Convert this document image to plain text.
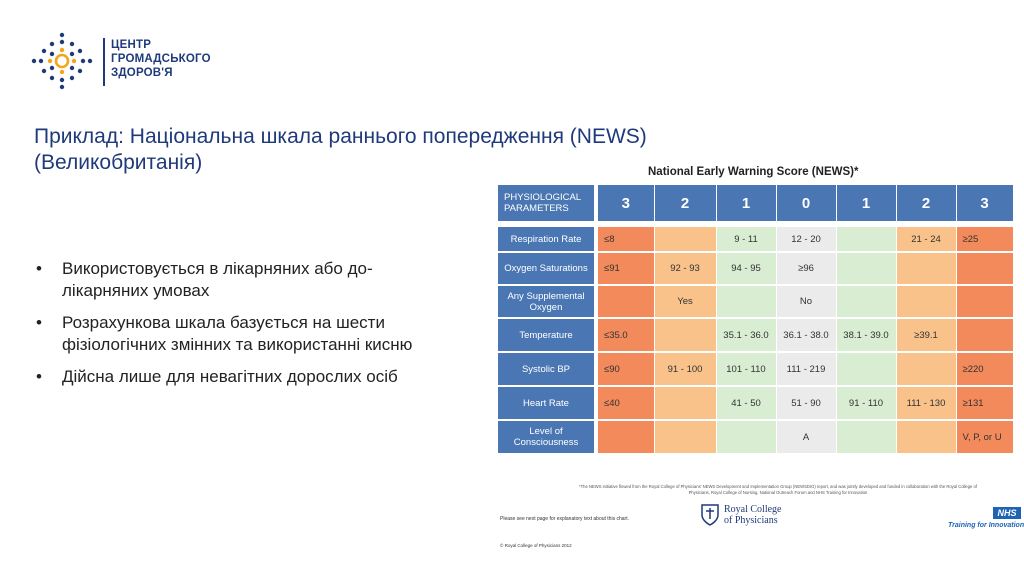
ЦЕНТР
ГРОМАДСЬКОГО
ЗДОРОВ'Я
Приклад: Національна шкала раннього попередження (NEWS)
(Великобританія)
• Використовується в лікарняних або до-лікарняних умовах
• Розрахункова шкала базується на шести фізіологічних змінних та використанні кисню
• Дійсна лише для невагітних дорослих осіб
National Early Warning Score (NEWS)*
PHYSIOLOGICAL PARAMETERS	3	2	1	0	1	2	3
Respiration Rate	≤8		9 - 11	12 - 20		21 - 24	≥25
Oxygen Saturations	≤91	92 - 93	94 - 95	≥96			
Any Supplemental Oxygen		Yes		No			
Temperature	≤35.0		35.1 - 36.0	36.1 - 38.0	38.1 - 39.0	≥39.1	
Systolic BP	≤90	91 - 100	101 - 110	111 - 219			≥220
Heart Rate	≤40		41 - 50	51 - 90	91 - 110	111 - 130	≥131
Level of Consciousness				A			V, P, or U
*The NEWS initiative flowed from the Royal College of Physicians' NEWS Development and Implementation Group (NEWSDIG) report, and was jointly developed and funded in collaboration with the Royal College of Physicians, Royal College of Nursing, National Outreach Forum and NHS Training for Innovation
Please see next page for explanatory text about this chart.
Royal College
of Physicians
NHS
Training for Innovation
© Royal College of Physicians 2012
